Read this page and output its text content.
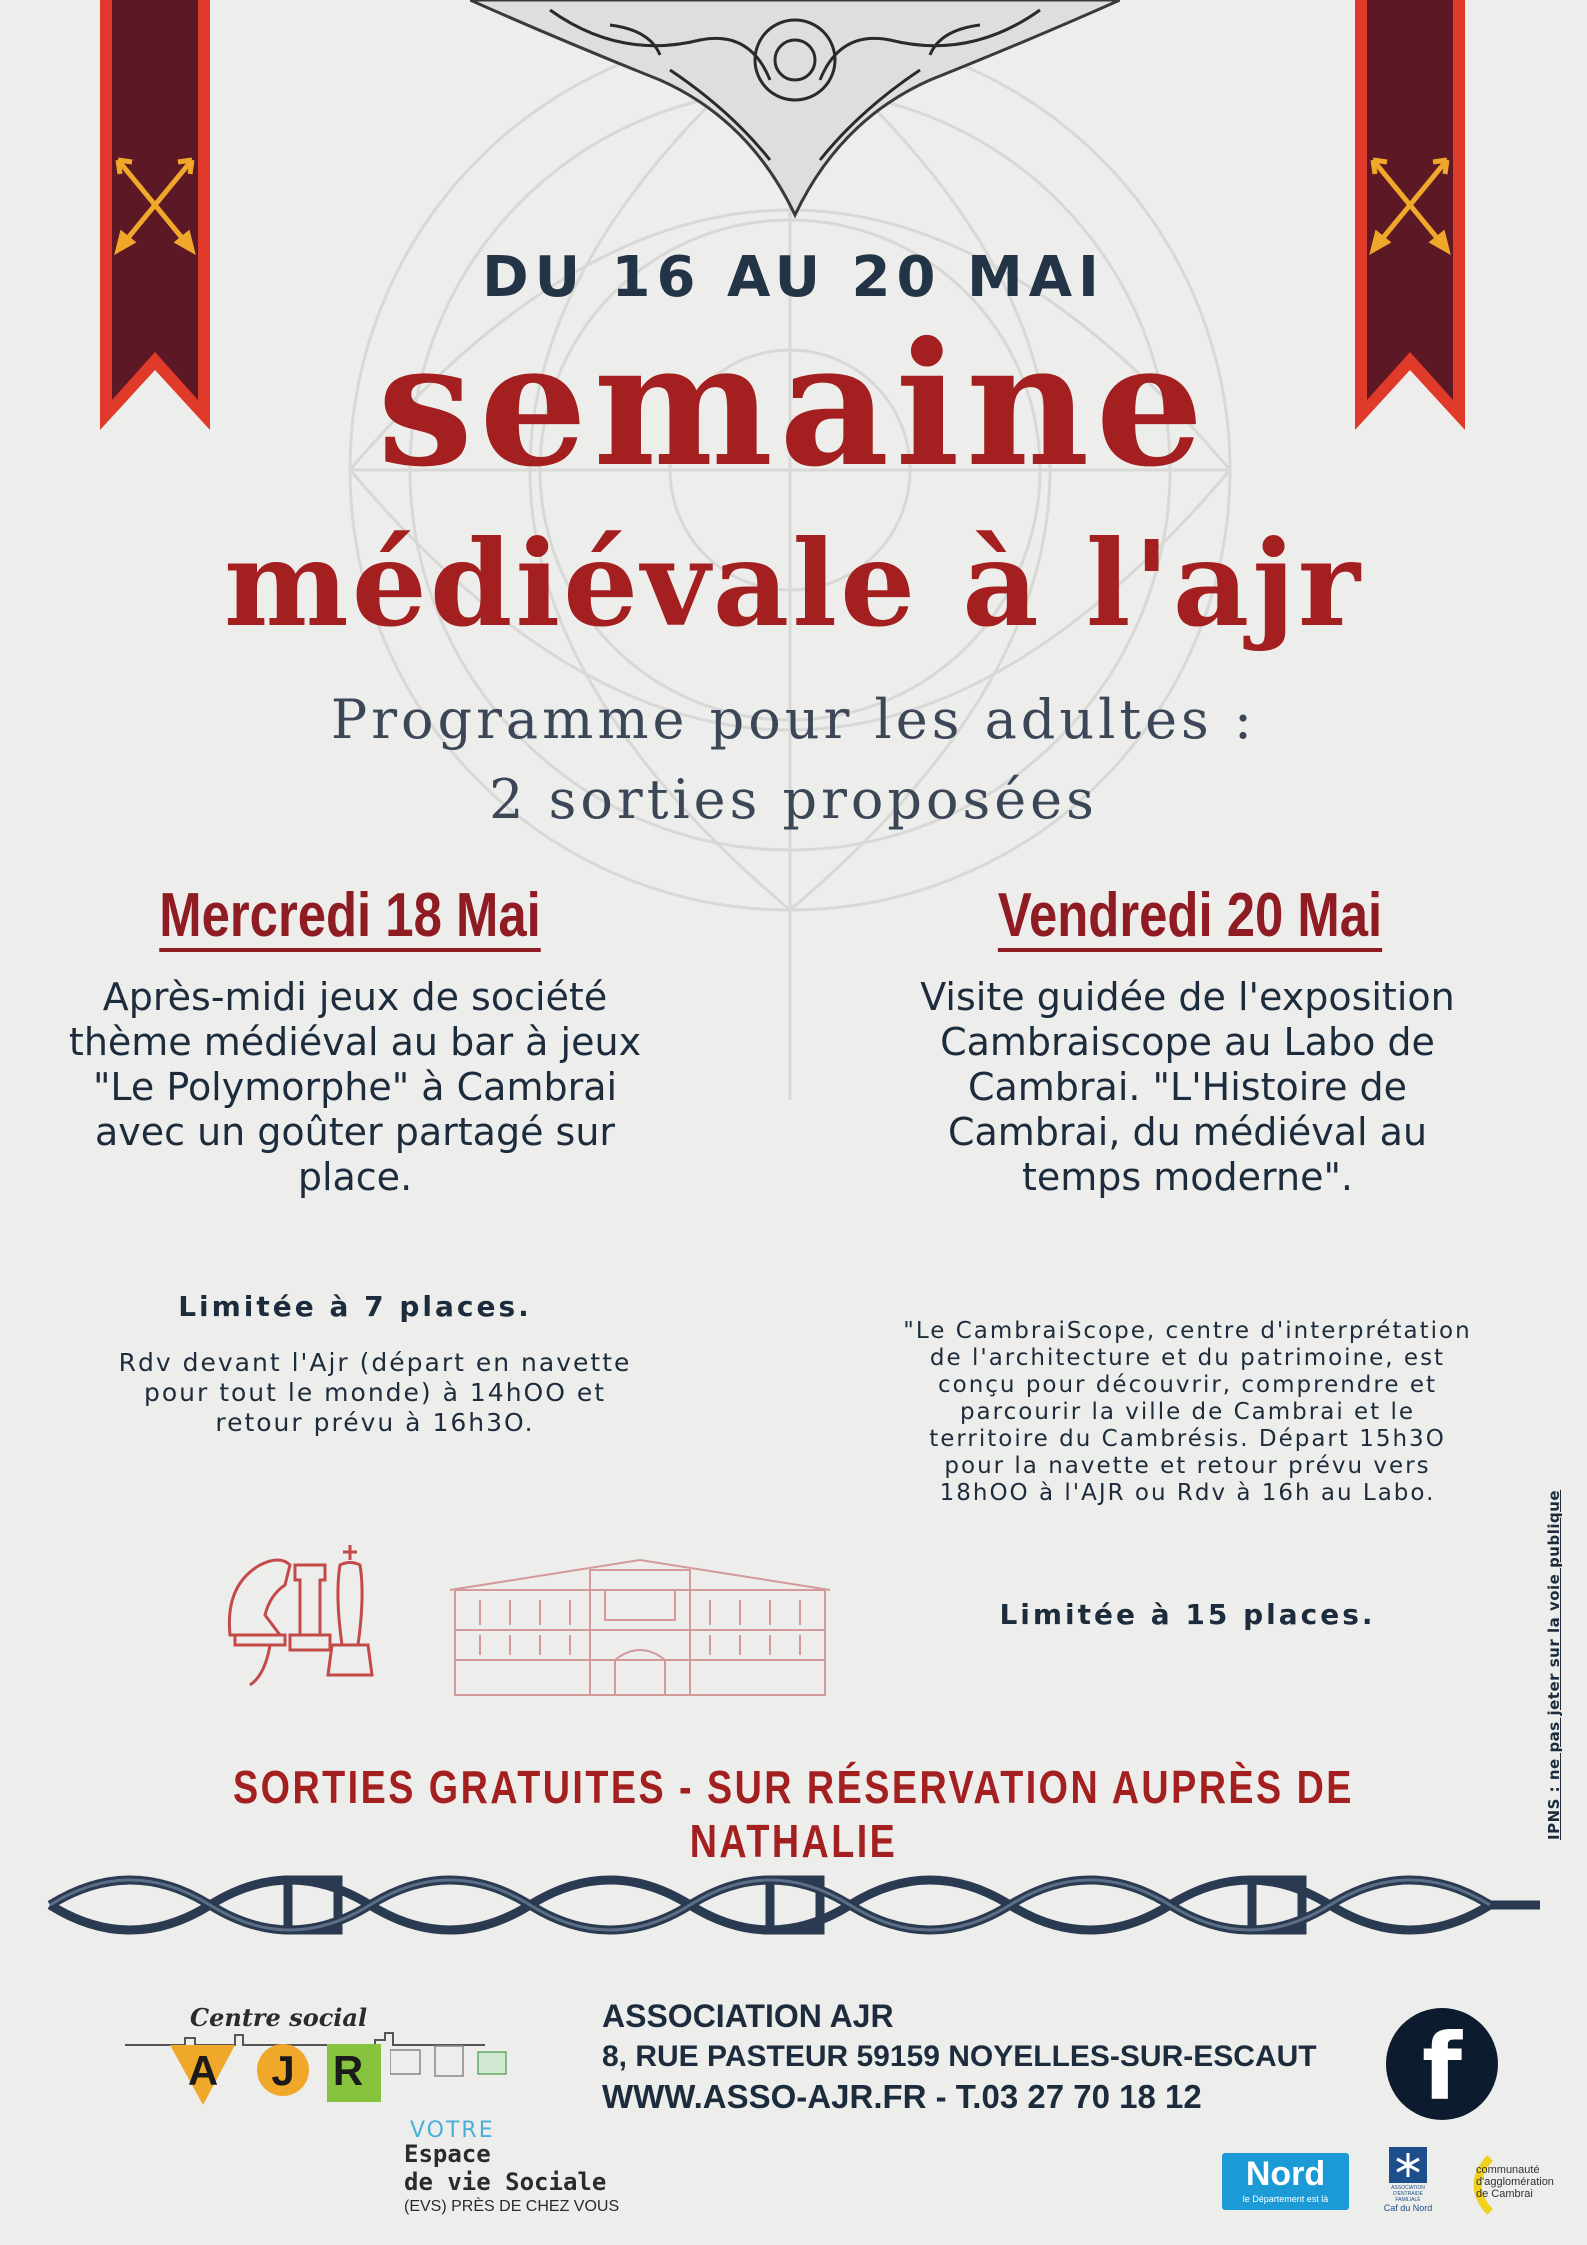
DU 16 AU 20 MAI
semaine
médiévale à l'ajr
Programme pour les adultes :
2 sorties proposées
Mercredi 18 Mai
Après-midi jeux de société thème médiéval au bar à jeux "Le Polymorphe" à Cambrai avec un goûter partagé sur place.
Limitée à 7 places.
Rdv devant l'Ajr (départ en navette pour tout le monde) à 14hOO et retour prévu à 16h3O.
Vendredi 20 Mai
Visite guidée de l'exposition Cambraiscope au Labo de Cambrai. "L'Histoire de Cambrai, du médiéval au temps moderne".
"Le CambraiScope, centre d'interprétation de l'architecture et du patrimoine, est conçu pour découvrir, comprendre et parcourir la ville de Cambrai et le territoire du Cambrésis. Départ 15h3O pour la navette et retour prévu vers 18hOO à l'AJR ou Rdv à 16h au Labo.
Limitée à 15 places.	IPNS : ne pas jeter sur la voie publique
SORTIES GRATUITES - SUR RÉSERVATION AUPRÈS DE NATHALIE
Centre social
A J R
VOTRE
Espace
de vie Sociale
(EVS) PRÈS DE CHEZ VOUS
ASSOCIATION AJR
8, RUE PASTEUR 59159 NOYELLES-SUR-ESCAUT
WWW.ASSO-AJR.FR - T.03 27 70 18 12	f
Nord
le Département est là
ASSOCIATION D'ENTRAIDE FAMILIALE
Caf du Nord
communauté d'agglomération de Cambrai
